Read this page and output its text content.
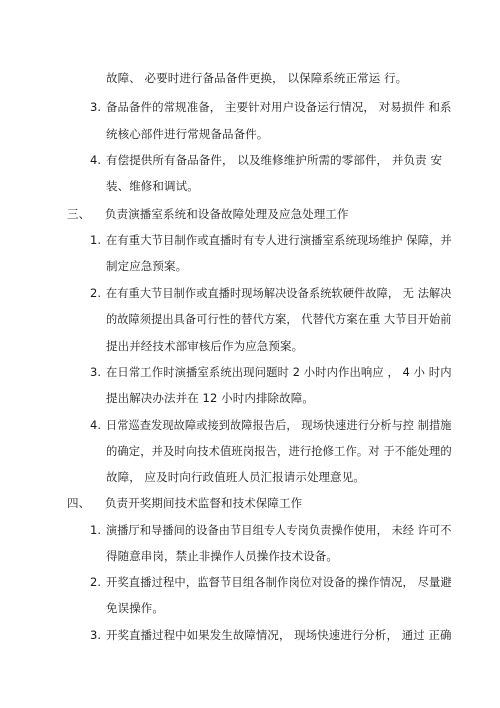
故障、 必要时进行备品备件更换， 以保障系统正常运 行。
3. 备品备件的常规准备， 主要针对用户设备运行情况， 对易损件 和系
统核心部件进行常规备品备件。
4. 有偿提供所有备品备件， 以及维修维护所需的零部件， 并负责 安
装、维修和调试。
三、 负责演播室系统和设备故障处理及应急处理工作
1. 在有重大节目制作或直播时有专人进行演播室系统现场维护 保障，并
制定应急预案。
2. 在有重大节目制作或直播时现场解决设备系统软硬件故障， 无 法解决
的故障须提出具备可行性的替代方案， 代替代方案在重 大节目开始前
提出并经技术部审核后作为应急预案。
3. 在日常工作时演播室系统出现问题时 2 小时内作出响应 ， 4 小 时内
提出解决办法并在 12 小时内排除故障。
4. 日常巡查发现故障或接到故障报告后， 现场快速进行分析与控 制措施
的确定，并及时向技术值班岗报告，进行抢修工作。对 于不能处理的
故障， 应及时向行政值班人员汇报请示处理意见。
四、 负责开奖期间技术监督和技术保障工作
1. 演播厅和导播间的设备由节目组专人专岗负责操作使用， 未经 许可不
得随意串岗，禁止非操作人员操作技术设备。
2. 开奖直播过程中，监督节目组各制作岗位对设备的操作情况， 尽量避
免误操作。
3. 开奖直播过程中如果发生故障情况， 现场快速进行分析， 通过 正确
